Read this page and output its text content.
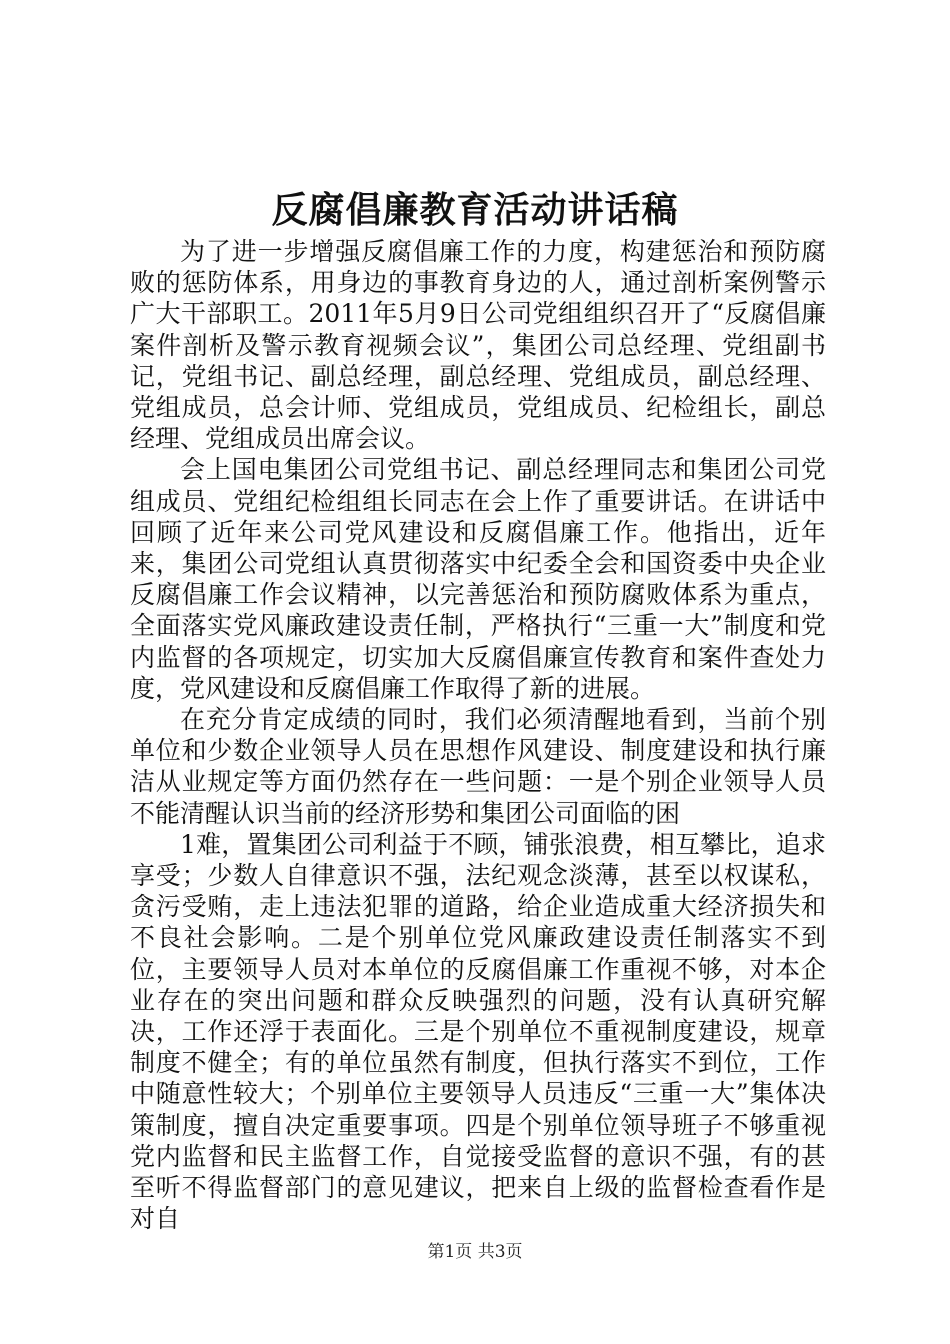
反腐倡廉教育活动讲话稿

为了进一步增强反腐倡廉工作的力度，构建惩治和预防腐败的惩防体系，用身边的事教育身边的人，通过剖析案例警示广大干部职工。2011年5月9日公司党组组织召开了“反腐倡廉案件剖析及警示教育视频会议”，集团公司总经理、党组副书记，党组书记、副总经理，副总经理、党组成员，副总经理、党组成员，总会计师、党组成员，党组成员、纪检组长，副总经理、党组成员出席会议。

会上国电集团公司党组书记、副总经理同志和集团公司党组成员、党组纪检组组长同志在会上作了重要讲话。在讲话中回顾了近年来公司党风建设和反腐倡廉工作。他指出，近年来，集团公司党组认真贯彻落实中纪委全会和国资委中央企业反腐倡廉工作会议精神，以完善惩治和预防腐败体系为重点，全面落实党风廉政建设责任制，严格执行“三重一大”制度和党内监督的各项规定，切实加大反腐倡廉宣传教育和案件查处力度，党风建设和反腐倡廉工作取得了新的进展。

在充分肯定成绩的同时，我们必须清醒地看到，当前个别单位和少数企业领导人员在思想作风建设、制度建设和执行廉洁从业规定等方面仍然存在一些问题：一是个别企业领导人员不能清醒认识当前的经济形势和集团公司面临的困

1难，置集团公司利益于不顾，铺张浪费，相互攀比，追求享受；少数人自律意识不强，法纪观念淡薄，甚至以权谋私，贪污受贿，走上违法犯罪的道路，给企业造成重大经济损失和不良社会影响。二是个别单位党风廉政建设责任制落实不到位，主要领导人员对本单位的反腐倡廉工作重视不够，对本企业存在的突出问题和群众反映强烈的问题，没有认真研究解决，工作还浮于表面化。三是个别单位不重视制度建设，规章制度不健全；有的单位虽然有制度，但执行落实不到位，工作中随意性较大；个别单位主要领导人员违反“三重一大”集体决策制度，擅自决定重要事项。四是个别单位领导班子不够重视党内监督和民主监督工作，自觉接受监督的意识不强，有的甚至听不得监督部门的意见建议，把来自上级的监督检查看作是对自

第1页 共3页
